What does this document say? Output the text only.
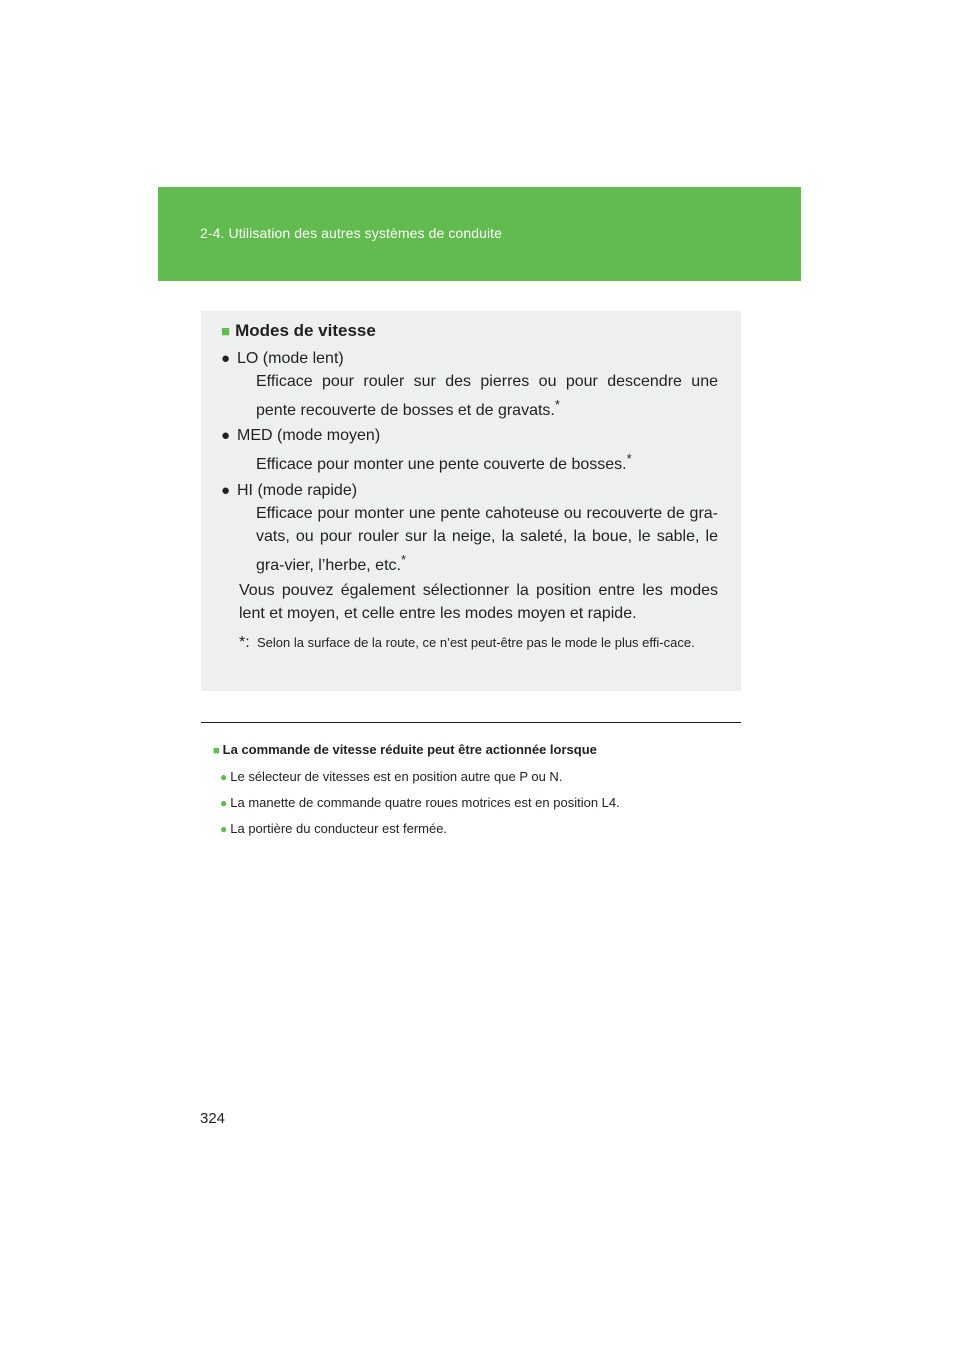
2-4. Utilisation des autres systèmes de conduite
■ Modes de vitesse
● LO (mode lent)
Efficace pour rouler sur des pierres ou pour descendre une pente recouverte de bosses et de gravats.*
● MED (mode moyen)
Efficace pour monter une pente couverte de bosses.*
● HI (mode rapide)
Efficace pour monter une pente cahoteuse ou recouverte de gra-vats, ou pour rouler sur la neige, la saleté, la boue, le sable, le gra-vier, l’herbe, etc.*
Vous pouvez également sélectionner la position entre les modes lent et moyen, et celle entre les modes moyen et rapide.
*: Selon la surface de la route, ce n’est peut-être pas le mode le plus effi-cace.
■ La commande de vitesse réduite peut être actionnée lorsque
● Le sélecteur de vitesses est en position autre que P ou N.
● La manette de commande quatre roues motrices est en position L4.
● La portière du conducteur est fermée.
324
